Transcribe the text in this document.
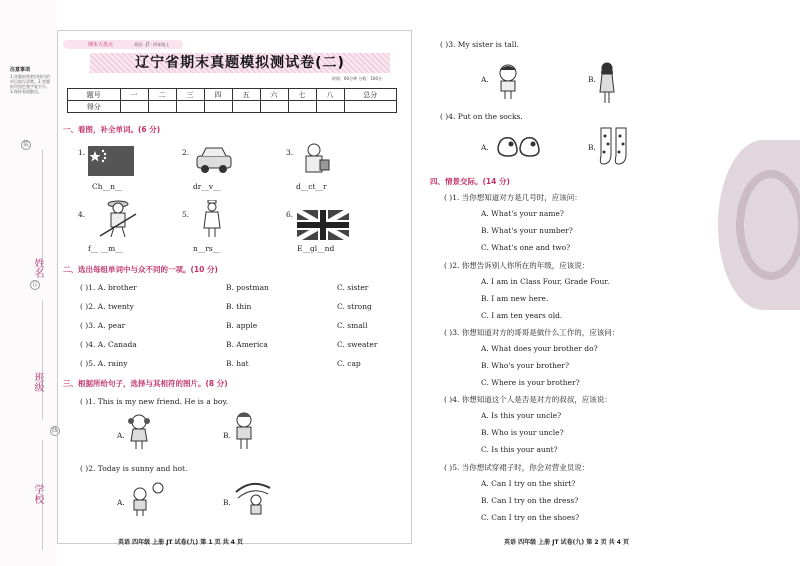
注意事项
1.答题前将密封线内的项目填写清楚。2.答题时用黑色签字笔书写。3.保持卷面整洁。
装
订
线
姓名
班级
学校
期末大盘点	英语 · JT · 四年级上
辽宁省期末真题模拟测试卷(二)
时间：60分钟 分数：100分
题号	一	二	三	四	五	六	七	八	总分
得分									
一、看图，补全单词。(6 分)
1.
Ch__n__
2.
dr__v__
3.
d__ct__r
4.
f__ __m__
5.
n__rs__
6.
E__gl__nd
二、选出每组单词中与众不同的一项。(10 分)
( )1. A. brother	B. postman	C. sister
( )2. A. twenty	B. thin	C. strong
( )3. A. pear	B. apple	C. small
( )4. A. Canada	B. America	C. sweater
( )5. A. rainy	B. hat	C. cap
三、根据所给句子，选择与其相符的图片。(8 分)
( )1. This is my new friend. He is a boy.
A.	B.
( )2. Today is sunny and hot.
A.	B.
英语 四年级 上册 JT 试卷(九) 第 1 页 共 4 页
( )3. My sister is tall.
A.	B.
( )4. Put on the socks.
A.	B.
四、情景交际。(14 分)
( )1. 当你想知道对方是几号时，应该问：
A. What's your name?
B. What's your number?
C. What's one and two?
( )2. 你想告诉别人你所在的年级，应该说：
A. I am in Class Four, Grade Four.
B. I am new here.
C. I am ten years old.
( )3. 你想知道对方的哥哥是做什么工作的，应该问：
A. What does your brother do?
B. Who's your brother?
C. Where is your brother?
( )4. 你想知道这个人是否是对方的叔叔，应该说：
A. Is this your uncle?
B. Who is your uncle?
C. Is this your aunt?
( )5. 当你想试穿裙子时，你会对营业员说：
A. Can I try on the shirt?
B. Can I try on the dress?
C. Can I try on the shoes?
英语 四年级 上册 JT 试卷(九) 第 2 页 共 4 页
